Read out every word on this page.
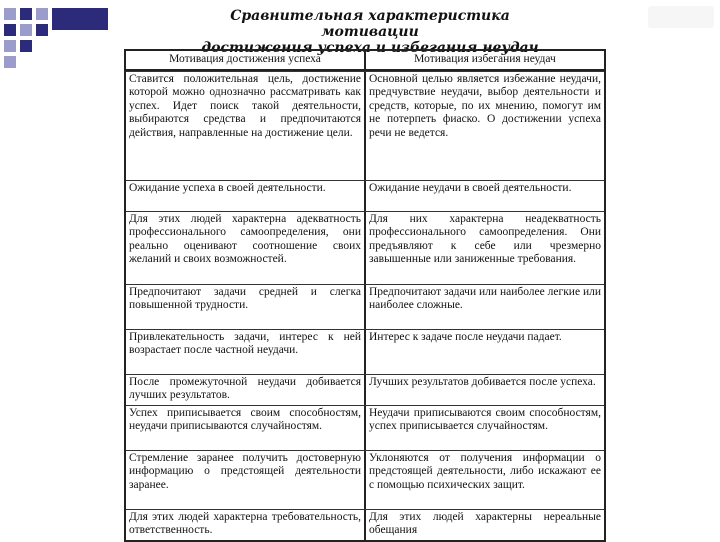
Сравнительная характеристика мотивации
достижения успеха и избегания неудач
Мотивация достижения успеха	Мотивация избегания неудач
Ставится положительная цель, достижение которой можно однозначно рассматривать как успех. Идет поиск такой деятельности, выбираются средства и предпочитаются действия, направленные на достижение цели.
Основной целью является избежание неудачи, предчувствие неудачи, выбор деятельности и средств, которые, по их мнению, помогут им не потерпеть фиаско. О достижении успеха речи не ведется.
Ожидание успеха в своей деятельности.	Ожидание неудачи в своей деятельности.
Для этих людей характерна адекватность профессионального самоопределения, они реально оценивают соотношение своих желаний и своих возможностей.
Для них характерна неадекватность профессионального самоопределения. Они предъявляют к себе или чрезмерно завышенные или заниженные требования.
Предпочитают задачи средней и слегка повышенной трудности.
Предпочитают задачи или наиболее легкие или наиболее сложные.
Привлекательность задачи, интерес к ней возрастает после частной неудачи.
Интерес к задаче после неудачи падает.
После промежуточной неудачи добивается лучших результатов.
Лучших результатов добивается после успеха.
Успех приписывается своим способностям, неудачи приписываются случайностям.
Неудачи приписываются своим способностям, успех приписывается случайностям.
Стремление заранее получить достоверную информацию о предстоящей деятельности заранее.
Уклоняются от получения информации о предстоящей деятельности, либо искажают ее с помощью психических защит.
Для этих людей характерна требовательность, ответственность.
Для этих людей характерны нереальные обещания
